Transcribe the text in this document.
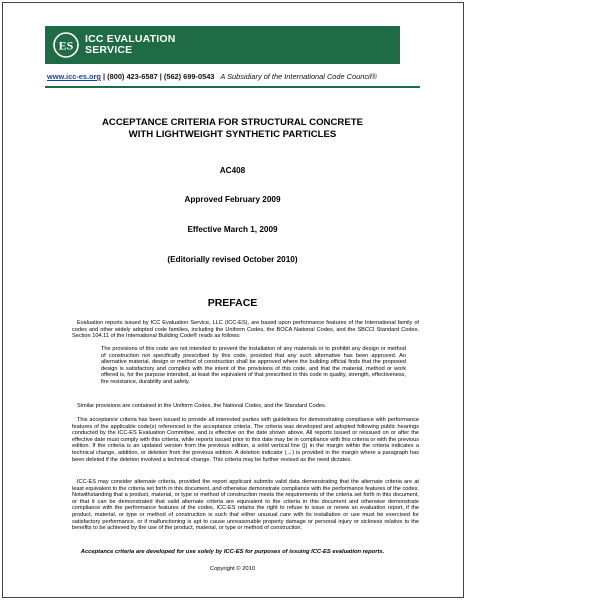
ES ICC EVALUATION
SERVICE
www.icc-es.org | (800) 423-6587 | (562) 699-0543 A Subsidiary of the International Code Council®
ACCEPTANCE CRITERIA FOR STRUCTURAL CONCRETE
WITH LIGHTWEIGHT SYNTHETIC PARTICLES
AC408
Approved February 2009
Effective March 1, 2009
(Editorially revised October 2010)
PREFACE
Evaluation reports issued by ICC Evaluation Service, LLC (ICC-ES), are based upon performance features of the International family of codes and other widely adopted code families, including the Uniform Codes, the BOCA National Codes, and the SBCCI Standard Codes. Section 104.11 of the International Building Code® reads as follows:
The provisions of this code are not intended to prevent the installation of any materials or to prohibit any design or method of construction not specifically prescribed by this code, provided that any such alternative has been approved. An alternative material, design or method of construction shall be approved where the building official finds that the proposed design is satisfactory and complies with the intent of the provisions of this code, and that the material, method or work offered is, for the purpose intended, at least the equivalent of that prescribed in this code in quality, strength, effectiveness, fire resistance, durability and safety.
Similar provisions are contained in the Uniform Codes, the National Codes, and the Standard Codes.
This acceptance criteria has been issued to provide all interested parties with guidelines for demonstrating compliance with performance features of the applicable code(s) referenced in the acceptance criteria. The criteria was developed and adopted following public hearings conducted by the ICC-ES Evaluation Committee, and is effective on the date shown above. All reports issued or reissued on or after the effective date must comply with this criteria, while reports issued prior to this date may be in compliance with this criteria or with the previous edition. If the criteria is an updated version from the previous edition, a solid vertical line (|) in the margin within the criteria indicates a technical change, addition, or deletion from the previous edition. A deletion indicator (→) is provided in the margin where a paragraph has been deleted if the deletion involved a technical change. This criteria may be further revised as the need dictates.
ICC-ES may consider alternate criteria, provided the report applicant submits valid data demonstrating that the alternate criteria are at least equivalent to the criteria set forth in this document, and otherwise demonstrate compliance with the performance features of the codes. Notwithstanding that a product, material, or type or method of construction meets the requirements of the criteria set forth in this document, or that it can be demonstrated that valid alternate criteria are equivalent to the criteria in this document and otherwise demonstrate compliance with the performance features of the codes, ICC-ES retains the right to refuse to issue or renew an evaluation report, if the product, material, or type or method of construction is such that either unusual care with its installation or use must be exercised for satisfactory performance, or if malfunctioning is apt to cause unreasonable property damage or personal injury or sickness relative to the benefits to be achieved by the use of the product, material, or type or method of construction.
Acceptance criteria are developed for use solely by ICC-ES for purposes of issuing ICC-ES evaluation reports.
Copyright © 2010
